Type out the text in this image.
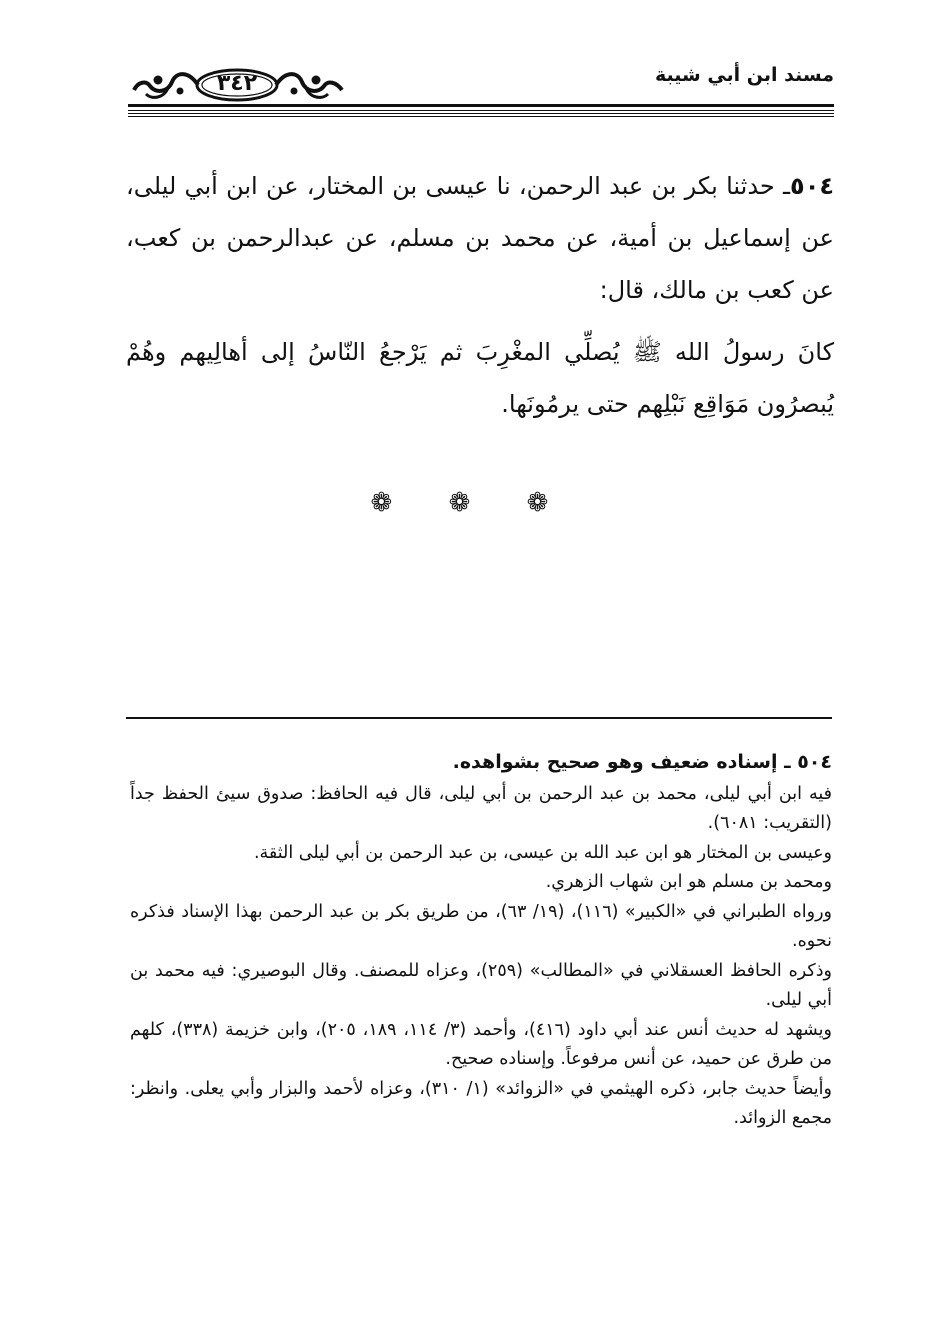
مسند ابن أبي شيبة
٣٤٢

٥٠٤ـ حدثنا بكر بن عبد الرحمن، نا عيسى بن المختار، عن ابن أبي ليلى، عن إسماعيل بن أمية، عن محمد بن مسلم، عن عبدالرحمن بن كعب، عن كعب بن مالك، قال:

كانَ رسولُ الله ﷺ يُصلِّي المغْرِبَ ثم يَرْجعُ النّاسُ إلى أهالِيهم وهُمْ يُبصرُون مَوَاقِع نَبْلِهم حتى يرمُونَها.

❁ ❁ ❁

٥٠٤ ـ إسناده ضعيف وهو صحيح بشواهده.

فيه ابن أبي ليلى، محمد بن عبد الرحمن بن أبي ليلى، قال فيه الحافظ: صدوق سيئ الحفظ جداً (التقريب: ٦٠٨١).

وعيسى بن المختار هو ابن عبد الله بن عيسى، بن عبد الرحمن بن أبي ليلى الثقة.

ومحمد بن مسلم هو ابن شهاب الزهري.

ورواه الطبراني في «الكبير» (١١٦)، (١٩/ ٦٣)، من طريق بكر بن عبد الرحمن بهذا الإسناد فذكره نحوه.

وذكره الحافظ العسقلاني في «المطالب» (٢٥٩)، وعزاه للمصنف. وقال البوصيري: فيه محمد بن أبي ليلى.

ويشهد له حديث أنس عند أبي داود (٤١٦)، وأحمد (٣/ ١١٤، ١٨٩، ٢٠٥)، وابن خزيمة (٣٣٨)، كلهم من طرق عن حميد، عن أنس مرفوعاً. وإسناده صحيح.

وأيضاً حديث جابر، ذكره الهيثمي في «الزوائد» (١/ ٣١٠)، وعزاه لأحمد والبزار وأبي يعلى. وانظر: مجمع الزوائد.
